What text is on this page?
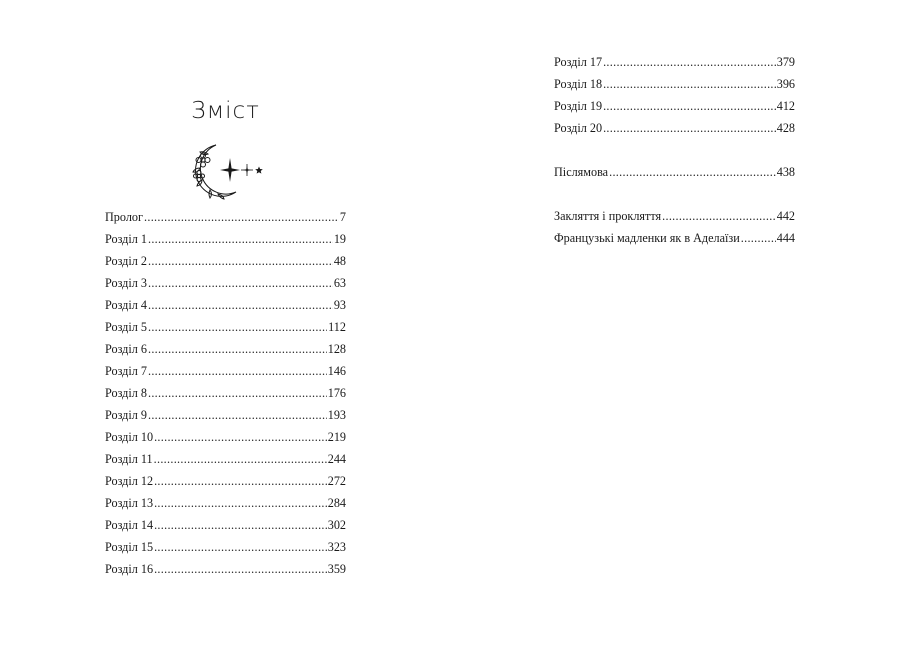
Зміст
Пролог .....	7
Розділ 1 .....	19
Розділ 2 .....	48
Розділ 3 .....	63
Розділ 4 .....	93
Розділ 5 .....	112
Розділ 6 .....	128
Розділ 7 .....	146
Розділ 8 .....	176
Розділ 9 .....	193
Розділ 10 .....	219
Розділ 11 .....	244
Розділ 12 .....	272
Розділ 13 .....	284
Розділ 14 .....	302
Розділ 15 .....	323
Розділ 16 .....	359
Розділ 17 .....	379
Розділ 18 .....	396
Розділ 19 .....	412
Розділ 20 .....	428
Післямова .....	438
Закляття і прокляття .....	442
Французькі мадленки як в Аделаїзи .....	444
